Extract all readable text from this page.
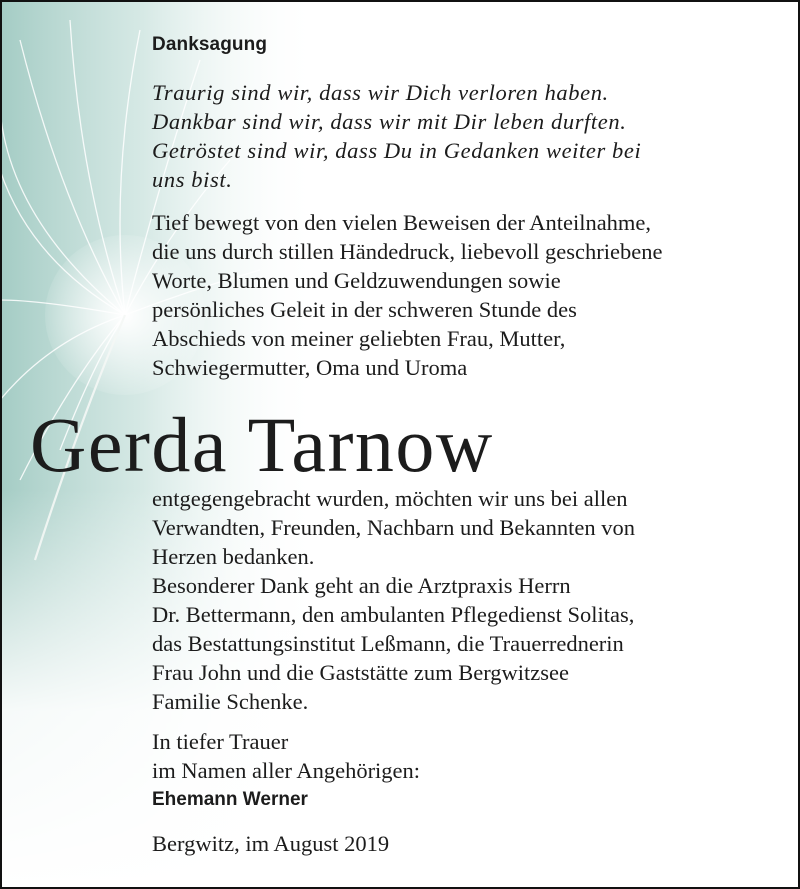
Danksagung
Traurig sind wir, dass wir Dich verloren haben.
Dankbar sind wir, dass wir mit Dir leben durften.
Getröstet sind wir, dass Du in Gedanken weiter bei
uns bist.
Tief bewegt von den vielen Beweisen der Anteilnahme,
die uns durch stillen Händedruck, liebevoll geschriebene
Worte, Blumen und Geldzuwendungen sowie
persönliches Geleit in der schweren Stunde des
Abschieds von meiner geliebten Frau, Mutter,
Schwiegermutter, Oma und Uroma
Gerda Tarnow
entgegengebracht wurden, möchten wir uns bei allen
Verwandten, Freunden, Nachbarn und Bekannten von
Herzen bedanken.
Besonderer Dank geht an die Arztpraxis Herrn
Dr. Bettermann, den ambulanten Pflegedienst Solitas,
das Bestattungsinstitut Leßmann, die Trauerrednerin
Frau John und die Gaststätte zum Bergwitzsee
Familie Schenke.
In tiefer Trauer
im Namen aller Angehörigen:
Ehemann Werner
Bergwitz, im August 2019
